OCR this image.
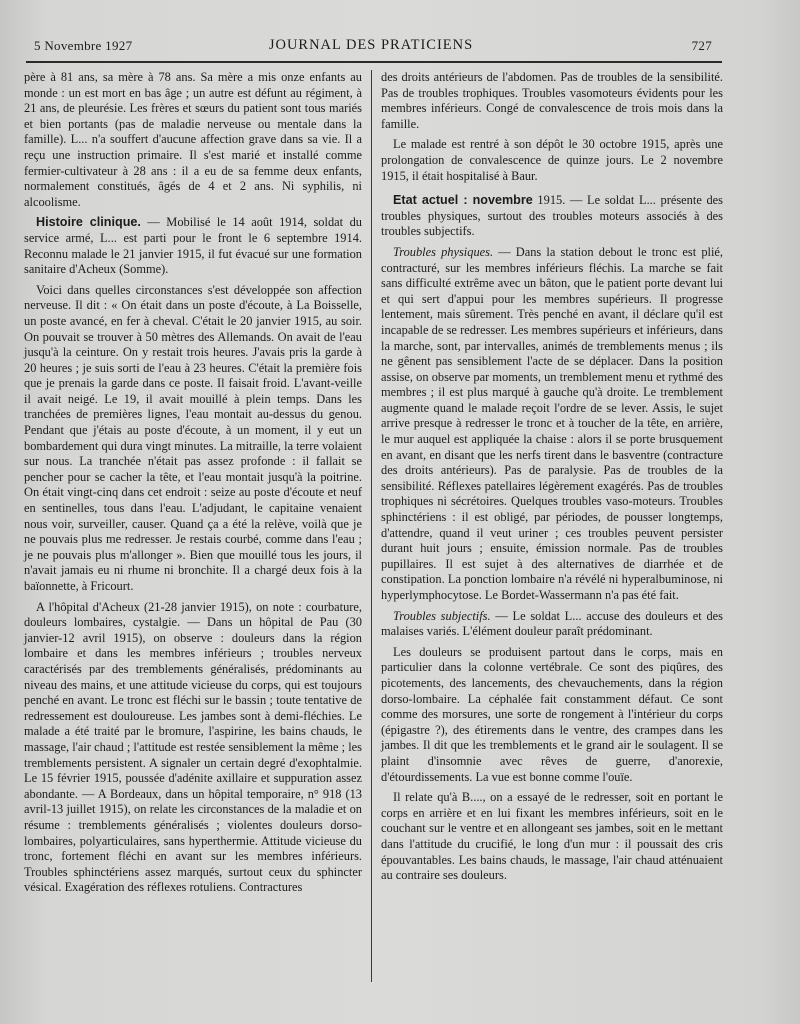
5 Novembre 1927	JOURNAL DES PRATICIENS	727

père à 81 ans, sa mère à 78 ans. Sa mère a mis onze enfants au monde : un est mort en bas âge ; un autre est défunt au régiment, à 21 ans, de pleurésie. Les frères et sœurs du patient sont tous mariés et bien portants (pas de maladie nerveuse ou mentale dans la famille). L... n'a souffert d'aucune affection grave dans sa vie. Il a reçu une instruction primaire. Il s'est marié et installé comme fermier-cultivateur à 28 ans : il a eu de sa femme deux enfants, normalement constitués, âgés de 4 et 2 ans. Ni syphilis, ni alcoolisme.

Histoire clinique. — Mobilisé le 14 août 1914, soldat du service armé, L... est parti pour le front le 6 septembre 1914. Reconnu malade le 21 janvier 1915, il fut évacué sur une formation sanitaire d'Acheux (Somme).

Voici dans quelles circonstances s'est développée son affection nerveuse. Il dit : « On était dans un poste d'écoute, à La Boisselle, un poste avancé, en fer à cheval. C'était le 20 janvier 1915, au soir. On pouvait se trouver à 50 mètres des Allemands. On avait de l'eau jusqu'à la ceinture. On y restait trois heures. J'avais pris la garde à 20 heures ; je suis sorti de l'eau à 23 heures. C'était la première fois que je prenais la garde dans ce poste. Il faisait froid. L'avant-veille il avait neigé. Le 19, il avait mouillé à plein temps. Dans les tranchées de premières lignes, l'eau montait au-dessus du genou. Pendant que j'étais au poste d'écoute, à un moment, il y eut un bombardement qui dura vingt minutes. La mitraille, la terre volaient sur nous. La tranchée n'était pas assez profonde : il fallait se pencher pour se cacher la tête, et l'eau montait jusqu'à la poitrine. On était vingt-cinq dans cet endroit : seize au poste d'écoute et neuf en sentinelles, tous dans l'eau. L'adjudant, le capitaine venaient nous voir, surveiller, causer. Quand ça a été la relève, voilà que je ne pouvais plus me redresser. Je restais courbé, comme dans l'eau ; je ne pouvais plus m'allonger ». Bien que mouillé tous les jours, il n'avait jamais eu ni rhume ni bronchite. Il a chargé deux fois à la baïonnette, à Fricourt.

A l'hôpital d'Acheux (21-28 janvier 1915), on note : courbature, douleurs lombaires, cystalgie. — Dans un hôpital de Pau (30 janvier-12 avril 1915), on observe : douleurs dans la région lombaire et dans les membres inférieurs ; troubles nerveux caractérisés par des tremblements généralisés, prédominants au niveau des mains, et une attitude vicieuse du corps, qui est toujours penché en avant. Le tronc est fléchi sur le bassin ; toute tentative de redressement est douloureuse. Les jambes sont à demi-fléchies. Le malade a été traité par le bromure, l'aspirine, les bains chauds, le massage, l'air chaud ; l'attitude est restée sensiblement la même ; les tremblements persistent. A signaler un certain degré d'exophtalmie. Le 15 février 1915, poussée d'adénite axillaire et suppuration assez abondante. — A Bordeaux, dans un hôpital temporaire, n° 918 (13 avril-13 juillet 1915), on relate les circonstances de la maladie et on résume : tremblements généralisés ; violentes douleurs dorso-lombaires, polyarticulaires, sans hyperthermie. Attitude vicieuse du tronc, fortement fléchi en avant sur les membres inférieurs. Troubles sphinctériens assez marqués, surtout ceux du sphincter vésical. Exagération des réflexes rotuliens. Contractures

des droits antérieurs de l'abdomen. Pas de troubles de la sensibilité. Pas de troubles trophiques. Troubles vasomoteurs évidents pour les membres inférieurs. Congé de convalescence de trois mois dans la famille.

Le malade est rentré à son dépôt le 30 octobre 1915, après une prolongation de convalescence de quinze jours. Le 2 novembre 1915, il était hospitalisé à Baur.

Etat actuel : novembre 1915. — Le soldat L... présente des troubles physiques, surtout des troubles moteurs associés à des troubles subjectifs.

Troubles physiques. — Dans la station debout le tronc est plié, contracturé, sur les membres inférieurs fléchis. La marche se fait sans difficulté extrême avec un bâton, que le patient porte devant lui et qui sert d'appui pour les membres supérieurs. Il progresse lentement, mais sûrement. Très penché en avant, il déclare qu'il est incapable de se redresser. Les membres supérieurs et inférieurs, dans la marche, sont, par intervalles, animés de tremblements menus ; ils ne gênent pas sensiblement l'acte de se déplacer. Dans la position assise, on observe par moments, un tremblement menu et rythmé des membres ; il est plus marqué à gauche qu'à droite. Le tremblement augmente quand le malade reçoit l'ordre de se lever. Assis, le sujet arrive presque à redresser le tronc et à toucher de la tête, en arrière, le mur auquel est appliquée la chaise : alors il se porte brusquement en avant, en disant que les nerfs tirent dans le basventre (contracture des droits antérieurs). Pas de paralysie. Pas de troubles de la sensibilité. Réflexes patellaires légèrement exagérés. Pas de troubles trophiques ni sécrétoires. Quelques troubles vaso-moteurs. Troubles sphinctériens : il est obligé, par périodes, de pousser longtemps, d'attendre, quand il veut uriner ; ces troubles peuvent persister durant huit jours ; ensuite, émission normale. Pas de troubles pupillaires. Il est sujet à des alternatives de diarrhée et de constipation. La ponction lombaire n'a révélé ni hyperalbuminose, ni hyperlymphocytose. Le Bordet-Wassermann n'a pas été fait.

Troubles subjectifs. — Le soldat L... accuse des douleurs et des malaises variés. L'élément douleur paraît prédominant.

Les douleurs se produisent partout dans le corps, mais en particulier dans la colonne vertébrale. Ce sont des piqûres, des picotements, des lancements, des chevauchements, dans la région dorso-lombaire. La céphalée fait constamment défaut. Ce sont comme des morsures, une sorte de rongement à l'intérieur du corps (épigastre ?), des étirements dans le ventre, des crampes dans les jambes. Il dit que les tremblements et le grand air le soulagent. Il se plaint d'insomnie avec rêves de guerre, d'anorexie, d'étourdissements. La vue est bonne comme l'ouïe.

Il relate qu'à B...., on a essayé de le redresser, soit en portant le corps en arrière et en lui fixant les membres inférieurs, soit en le couchant sur le ventre et en allongeant ses jambes, soit en le mettant dans l'attitude du crucifié, le long d'un mur : il poussait des cris épouvantables. Les bains chauds, le massage, l'air chaud atténuaient au contraire ses douleurs.
